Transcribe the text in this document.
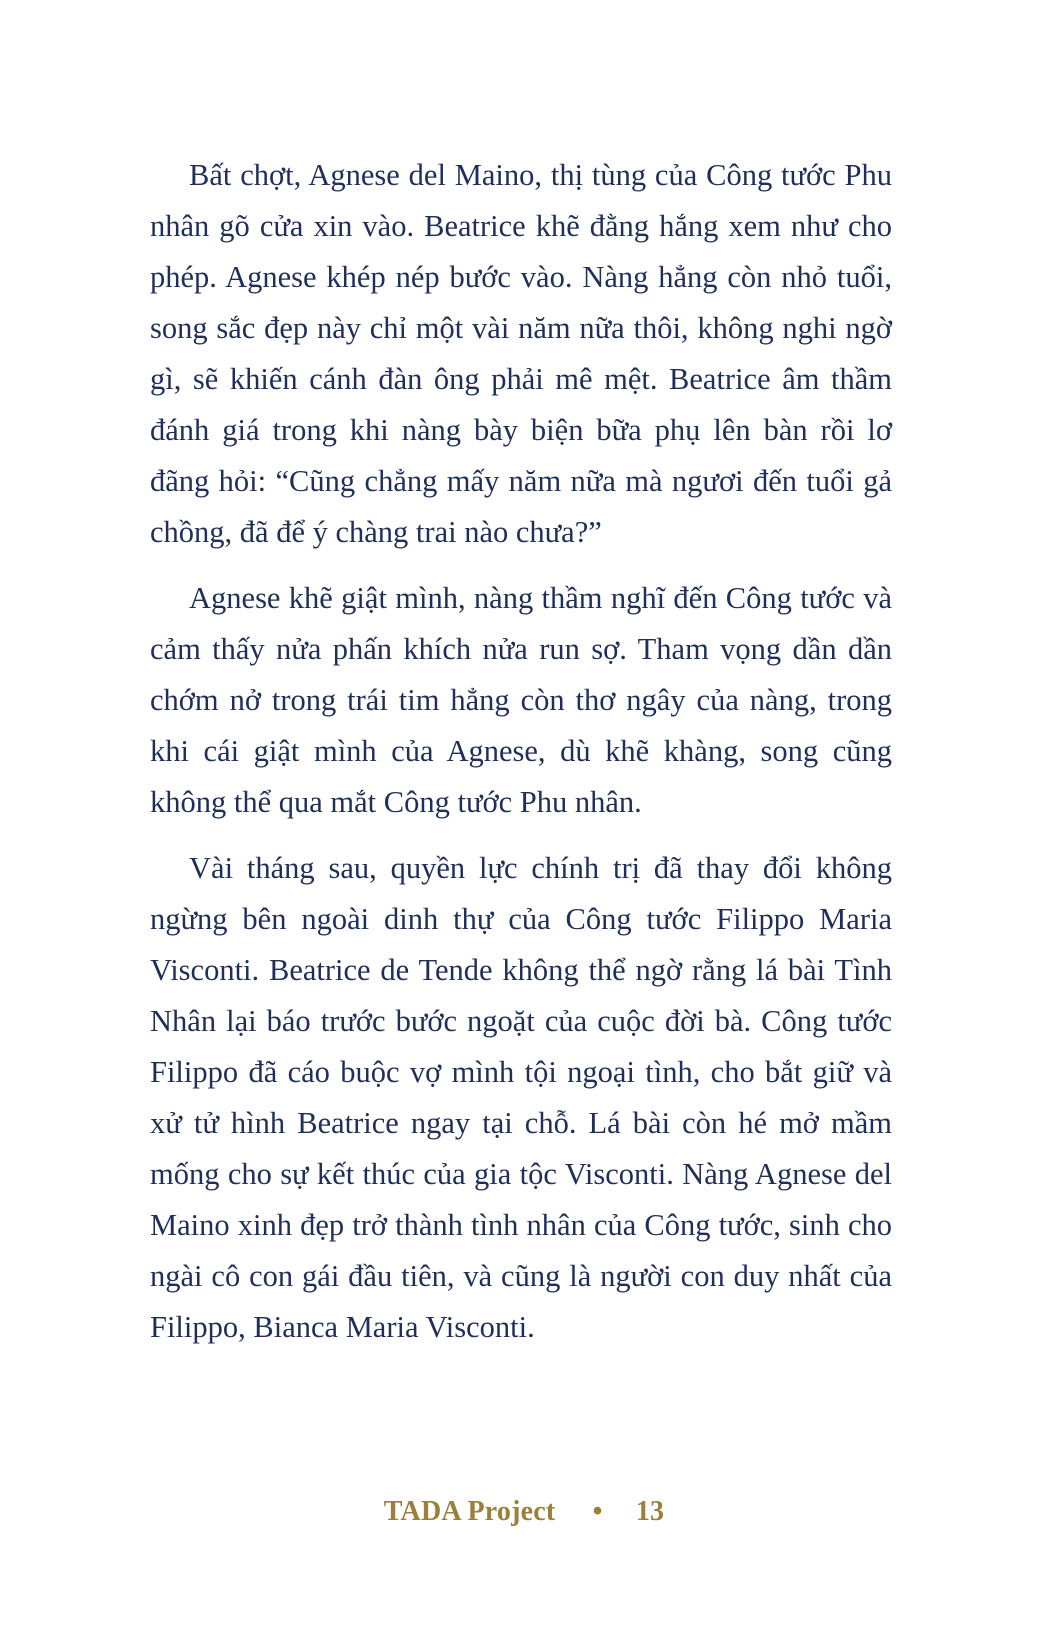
Bất chợt, Agnese del Maino, thị tùng của Công tước Phu nhân gõ cửa xin vào. Beatrice khẽ đằng hắng xem như cho phép. Agnese khép nép bước vào. Nàng hẳng còn nhỏ tuổi, song sắc đẹp này chỉ một vài năm nữa thôi, không nghi ngờ gì, sẽ khiến cánh đàn ông phải mê mệt. Beatrice âm thầm đánh giá trong khi nàng bày biện bữa phụ lên bàn rồi lơ đãng hỏi: “Cũng chẳng mấy năm nữa mà ngươi đến tuổi gả chồng, đã để ý chàng trai nào chưa?”

Agnese khẽ giật mình, nàng thầm nghĩ đến Công tước và cảm thấy nửa phấn khích nửa run sợ. Tham vọng dần dần chớm nở trong trái tim hẳng còn thơ ngây của nàng, trong khi cái giật mình của Agnese, dù khẽ khàng, song cũng không thể qua mắt Công tước Phu nhân.

Vài tháng sau, quyền lực chính trị đã thay đổi không ngừng bên ngoài dinh thự của Công tước Filippo Maria Visconti. Beatrice de Tende không thể ngờ rằng lá bài Tình Nhân lại báo trước bước ngoặt của cuộc đời bà. Công tước Filippo đã cáo buộc vợ mình tội ngoại tình, cho bắt giữ và xử tử hình Beatrice ngay tại chỗ. Lá bài còn hé mở mầm mống cho sự kết thúc của gia tộc Visconti. Nàng Agnese del Maino xinh đẹp trở thành tình nhân của Công tước, sinh cho ngài cô con gái đầu tiên, và cũng là người con duy nhất của Filippo, Bianca Maria Visconti.

TADA Project • 13
